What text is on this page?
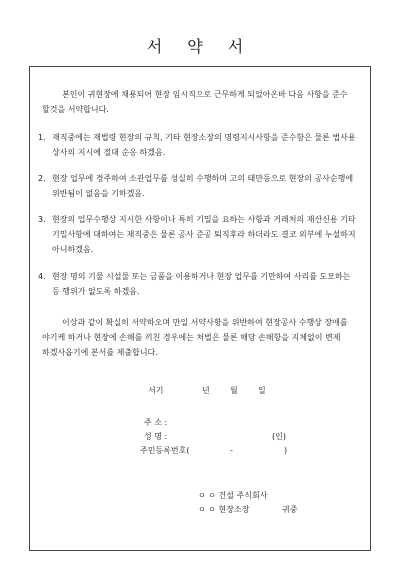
서 약 서
본인이 귀현장에 채용되어 현장 임시직으로 근무하게 되었아온바 다음 사항을 준수
할것을 서약합니다.
1. 재직중에는 재법령 현장의 규칙, 기타 현장소장의 명령지시사항을 준수함은 물론 법사용
상사의 지시에 절대 순응 하겠음.
2. 현장 업무에 경주하여 소관업무를 성실히 수행하며 고의 태만등으로 현장의 공사순행에
위반됨이 없음을 기하겠음.
3. 현장의 업무수행상 지시한 사항이나 특히 기밀을 요하는 사항과 거래처의 재산신용 기타
기밀사항에 대하여는 재직중은 물론 공사 준공 퇴직후라 하더라도 결코 외부에 누설하지
아니하겠음.
4. 현장 명의 기물 시설물 또는 금품을 이용하거나 현장 업무를 기만하여 사리를 도모하는
등 행위가 없도록 하겠음.
이상과 같이 확실히 서약하오며 만일 서약사항을 위반하여 현장공사 수행상 장애를
야기케 하거나 현장에 손해를 끼친 경우에는 처벌은 물론 해당 손해항을 지체없이 변제
하겠사옵기에 본서를 제출합니다.
서기	년	월	일
주 소 :
성 명 :	(인)
주민등록번호(	-	)
ㅇ ㅇ 건설 주식회사
ㅇ ㅇ 현장소장	귀중
